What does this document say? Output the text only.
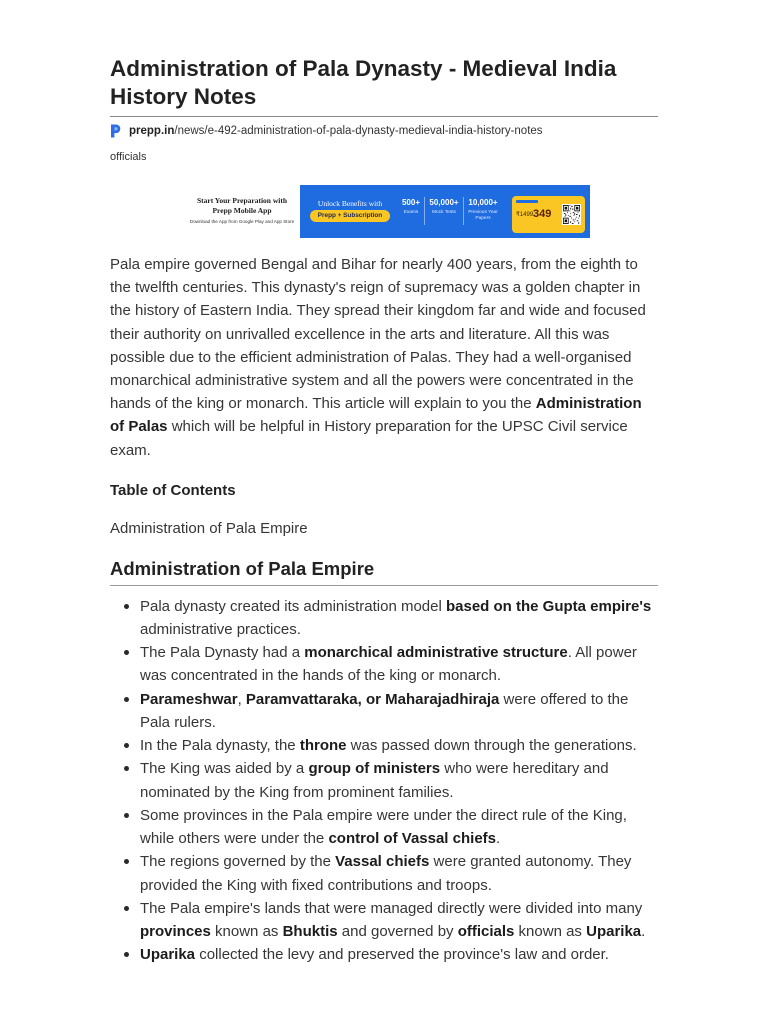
Administration of Pala Dynasty - Medieval India History Notes
prepp.in/news/e-492-administration-of-pala-dynasty-medieval-india-history-notes
officials
Start Your Preparation with
Prepp Mobile App
Download the App from Google Play and App Store
Unlock Benefits with
Prepp + Subscription
500+
Exams
50,000+
Mock Tests
10,000+
Previous Year Papers
₹1499 349

Pala empire governed Bengal and Bihar for nearly 400 years, from the eighth to the twelfth centuries. This dynasty's reign of supremacy was a golden chapter in the history of Eastern India. They spread their kingdom far and wide and focused their authority on unrivalled excellence in the arts and literature. All this was possible due to the efficient administration of Palas. They had a well-organised monarchical administrative system and all the powers were concentrated in the hands of the king or monarch. This article will explain to you the Administration of Palas which will be helpful in History preparation for the UPSC Civil service exam.

Table of Contents
Administration of Pala Empire
Administration of Pala Empire
Pala dynasty created its administration model based on the Gupta empire's administrative practices.
The Pala Dynasty had a monarchical administrative structure. All power was concentrated in the hands of the king or monarch.
Parameshwar, Paramvattaraka, or Maharajadhiraja were offered to the Pala rulers.
In the Pala dynasty, the throne was passed down through the generations.
The King was aided by a group of ministers who were hereditary and nominated by the King from prominent families.
Some provinces in the Pala empire were under the direct rule of the King, while others were under the control of Vassal chiefs.
The regions governed by the Vassal chiefs were granted autonomy. They provided the King with fixed contributions and troops.
The Pala empire's lands that were managed directly were divided into many provinces known as Bhuktis and governed by officials known as Uparika.
Uparika collected the levy and preserved the province's law and order.
